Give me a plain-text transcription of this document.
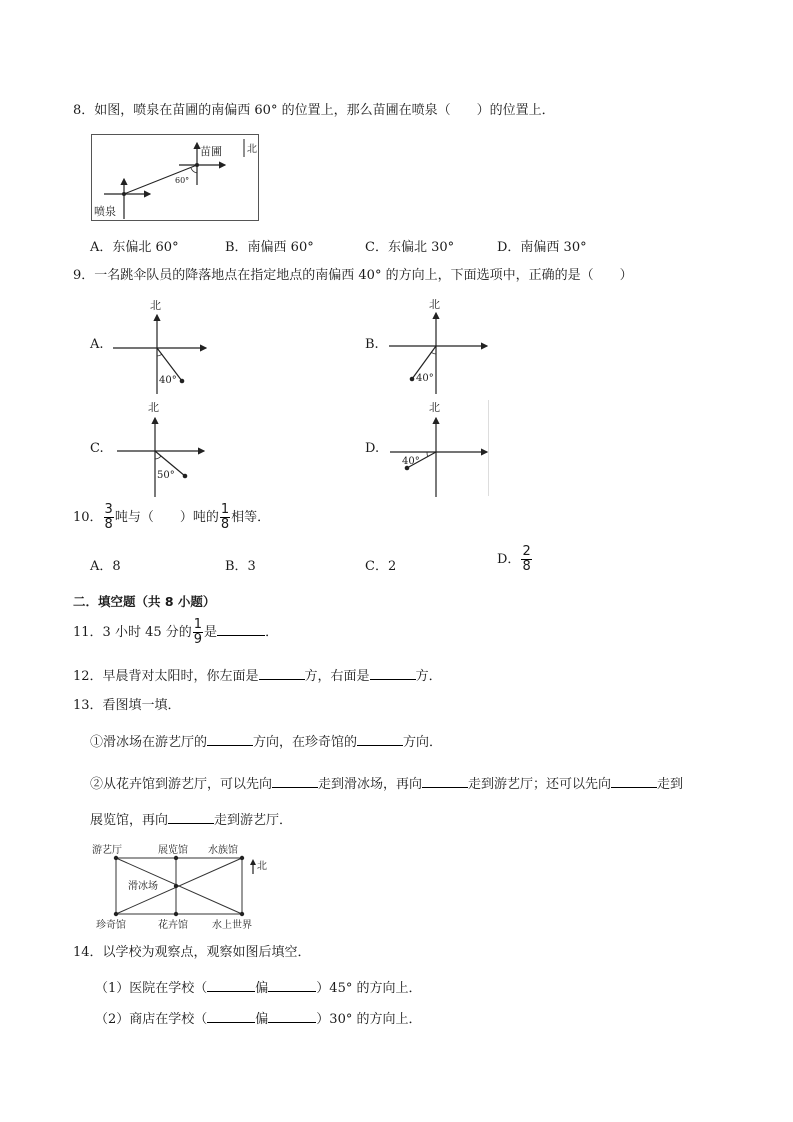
8．如图，喷泉在苗圃的南偏西 60° 的位置上，那么苗圃在喷泉（　　）的位置上．
60°
苗圃
喷泉
北
A．东偏北 60°	B．南偏西 60°	C．东偏北 30°	D．南偏西 30°
9．一名跳伞队员的降落地点在指定地点的南偏西 40° 的方向上，下面选项中，正确的是（　　）
A.
北
40°
B.
北
40°
C.
北
50°
D.
北
40°
10． $\frac{3}{8}$ 吨与（　　）吨的 $\frac{1}{8}$ 相等．
A．8	B．3	C．2	D． $\frac{2}{8}$
二．填空题（共 8 小题）
11．3 小时 45 分的 $\frac{1}{9}$ 是	．
12．早晨背对太阳时，你左面是	方，右面是	方．
13．看图填一填．
①滑冰场在游艺厅的	方向，在珍奇馆的	方向．
②从花卉馆到游艺厅，可以先向	走到滑冰场，再向	走到游艺厅；还可以先向	走到
展览馆，再向	走到游艺厅．
游艺厅	展览馆 水族馆
滑冰场
珍奇馆	花卉馆 水上世界
北
14．以学校为观察点，观察如图后填空．
（1）医院在学校（	偏	）45° 的方向上．
（2）商店在学校（	偏	）30° 的方向上．
